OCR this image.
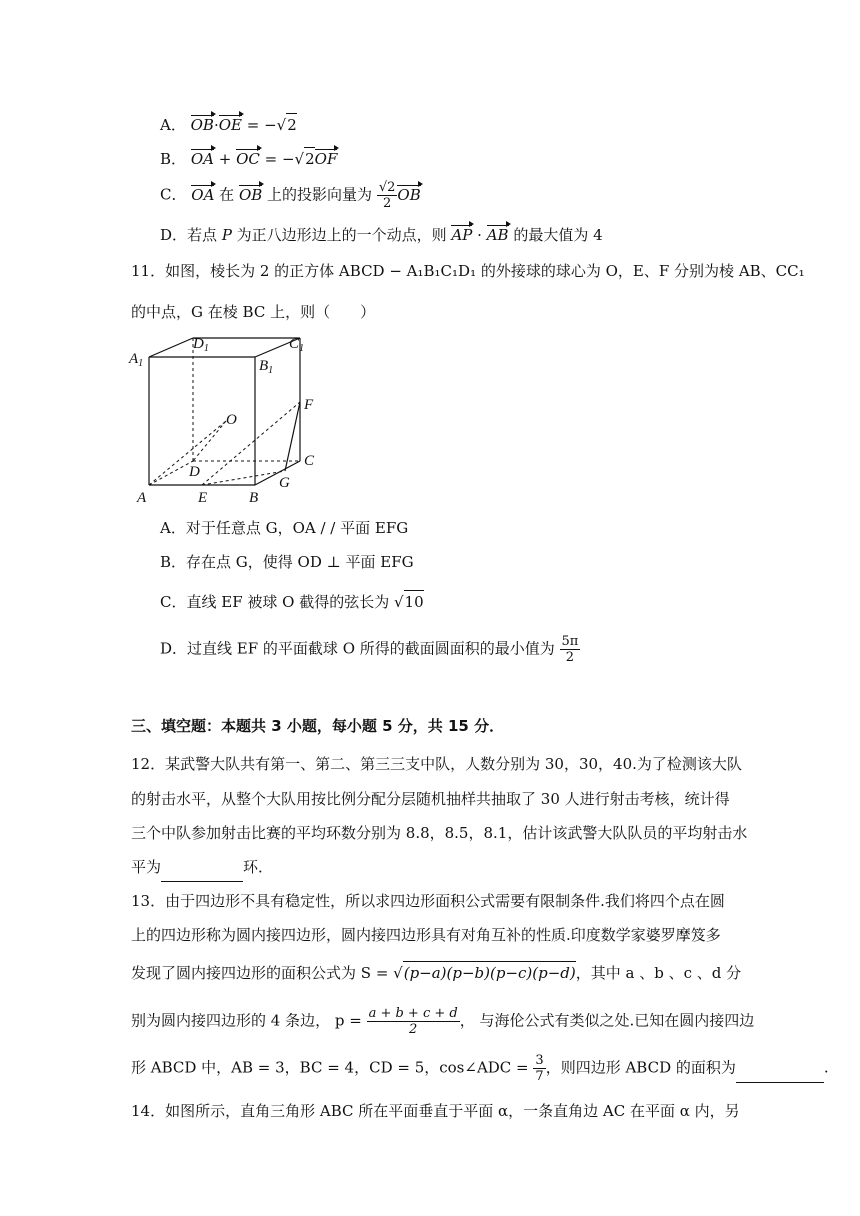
A． OB·OE = −√2
B． OA + OC = −√2OF
C． OA 在 OB 上的投影向量为 $\frac{√2}{2}$ OB
D．若点 P 为正八边形边上的一个动点，则 AP · AB 的最大值为 4
11．如图，棱长为 2 的正方体 ABCD − A₁B₁C₁D₁ 的外接球的球心为 O，E、F 分别为棱 AB、CC₁
的中点，G 在棱 BC 上，则（　　）
$D_1$	$C_1$
$A_1$	$B_1$
O
F
D
C
G
A	E	B
A．对于任意点 G，OA / / 平面 EFG
B．存在点 G，使得 OD ⊥ 平面 EFG
C．直线 EF 被球 O 截得的弦长为 √10
D．过直线 EF 的平面截球 O 所得的截面圆面积的最小值为 $\frac{5\pi}{2}$
三、填空题：本题共 3 小题，每小题 5 分，共 15 分．
12．某武警大队共有第一、第二、第三三支中队，人数分别为 30，30，40.为了检测该大队
的射击水平，从整个大队用按比例分配分层随机抽样共抽取了 30 人进行射击考核，统计得
三个中队参加射击比赛的平均环数分别为 8.8，8.5，8.1，估计该武警大队队员的平均射击水
平为	环．
13．由于四边形不具有稳定性，所以求四边形面积公式需要有限制条件.我们将四个点在圆
上的四边形称为圆内接四边形，圆内接四边形具有对角互补的性质.印度数学家婆罗摩笈多
发现了圆内接四边形的面积公式为 S = √(p−a)(p−b)(p−c)(p−d)，其中 a 、b 、c 、d 分
别为圆内接四边形的 4 条边， $p = \frac{a + b + c + d}{2}$ ， 与海伦公式有类似之处.已知在圆内接四边
形 ABCD 中，AB = 3，BC = 4，CD = 5，cos∠ADC = $\frac{3}{7}$ ，则四边形 ABCD 的面积为	.
14．如图所示，直角三角形 ABC 所在平面垂直于平面 α，一条直角边 AC 在平面 α 内，另
